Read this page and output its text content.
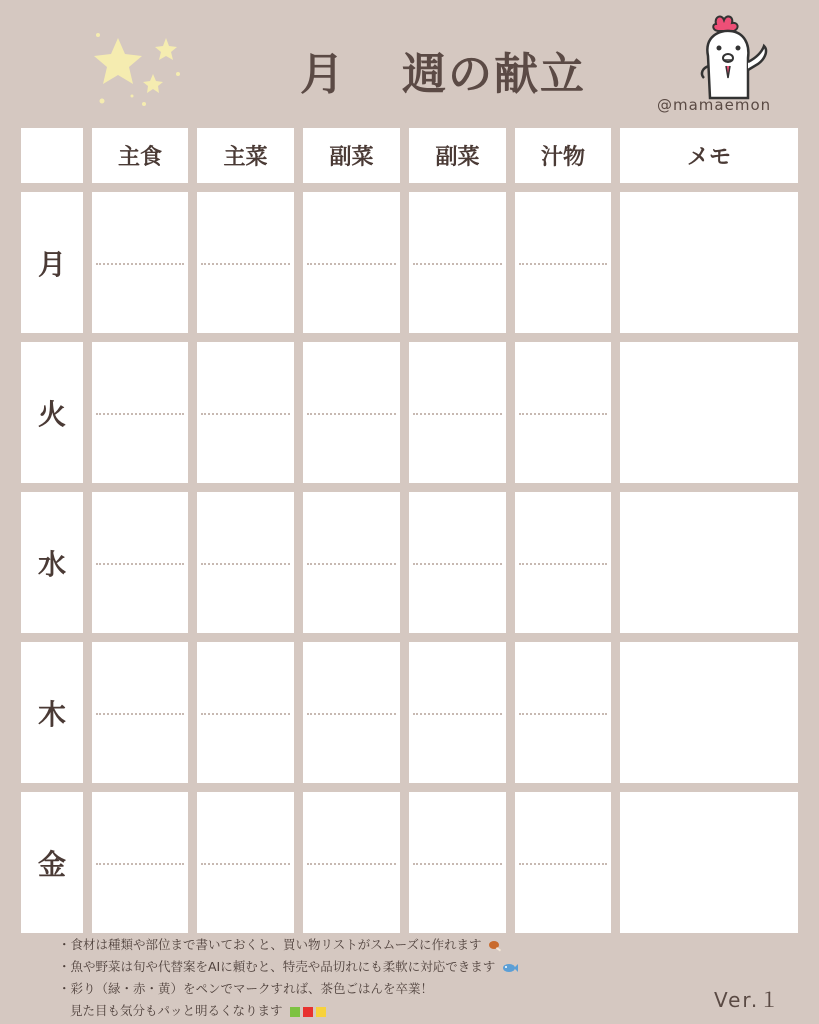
月 週の献立
@mamaemon
主食	主菜	副菜	副菜	汁物	メモ
月
火
水
木
金
・食材は種類や部位まで書いておくと、買い物リストがスムーズに作れます
・魚や野菜は旬や代替案をAIに頼むと、特売や品切れにも柔軟に対応できます
・彩り（緑・赤・黄）をペンでマークすれば、茶色ごはんを卒業！
見た目も気分もパッと明るくなります	Ver.１
